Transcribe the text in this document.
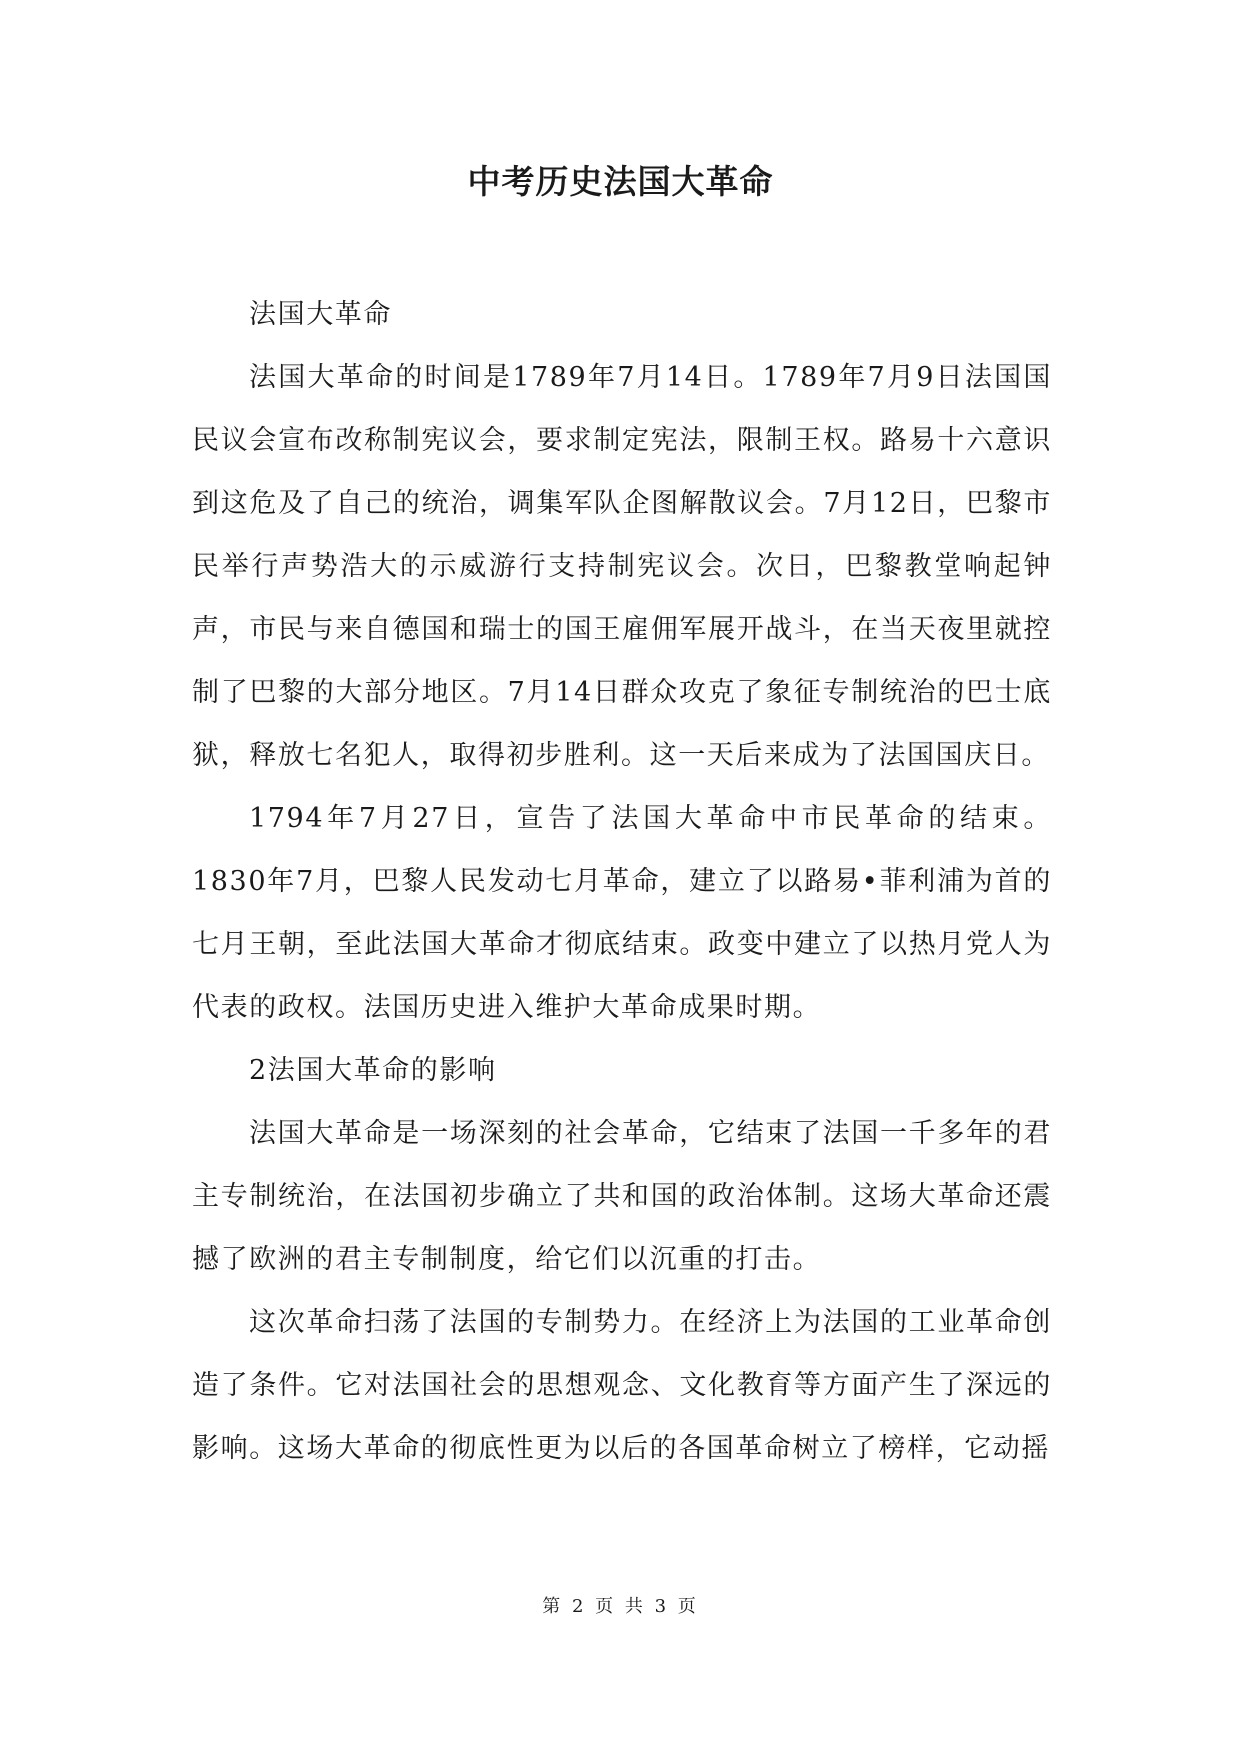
中考历史法国大革命

法国大革命

法国大革命的时间是1789年7月14日。1789年7月9日法国国民议会宣布改称制宪议会，要求制定宪法，限制王权。路易十六意识到这危及了自己的统治，调集军队企图解散议会。7月12日，巴黎市民举行声势浩大的示威游行支持制宪议会。次日，巴黎教堂响起钟声，市民与来自德国和瑞士的国王雇佣军展开战斗，在当天夜里就控制了巴黎的大部分地区。7月14日群众攻克了象征专制统治的巴士底狱，释放七名犯人，取得初步胜利。这一天后来成为了法国国庆日。

1794年7月27日，宣告了法国大革命中市民革命的结束。1830年7月，巴黎人民发动七月革命，建立了以路易•菲利浦为首的七月王朝，至此法国大革命才彻底结束。政变中建立了以热月党人为代表的政权。法国历史进入维护大革命成果时期。

2法国大革命的影响

法国大革命是一场深刻的社会革命，它结束了法国一千多年的君主专制统治，在法国初步确立了共和国的政治体制。这场大革命还震撼了欧洲的君主专制制度，给它们以沉重的打击。

这次革命扫荡了法国的专制势力。在经济上为法国的工业革命创造了条件。它对法国社会的思想观念、文化教育等方面产生了深远的影响。这场大革命的彻底性更为以后的各国革命树立了榜样，它动摇

第 2 页 共 3 页
